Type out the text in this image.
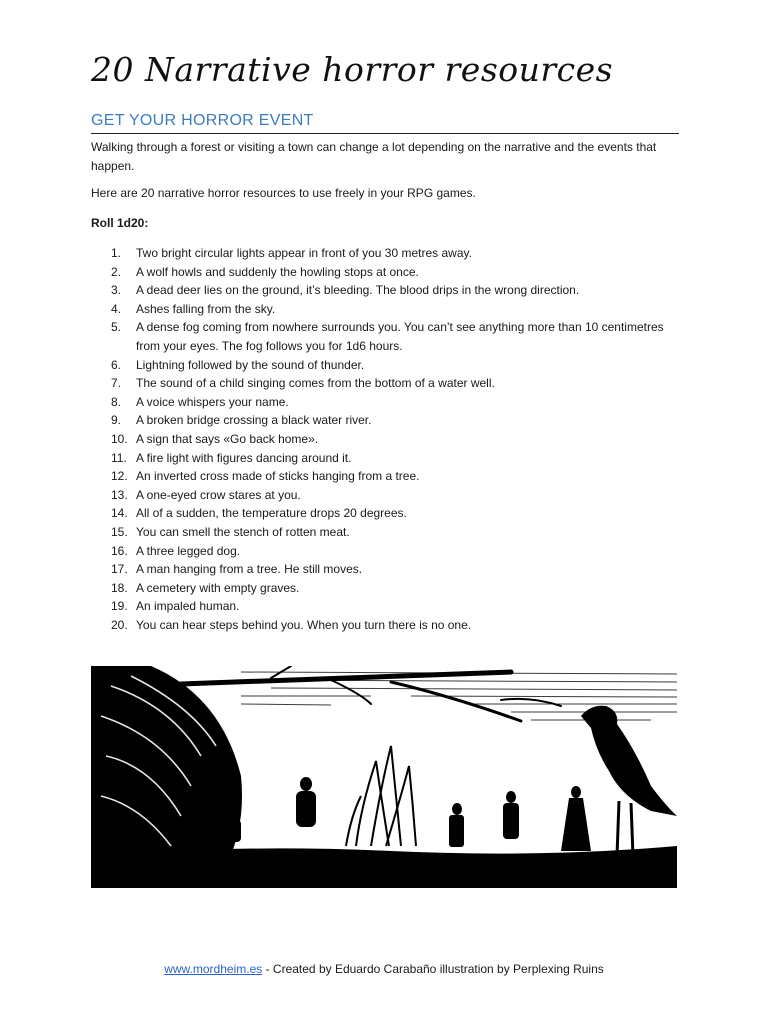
20 Narrative horror resources
GET YOUR HORROR EVENT
Walking through a forest or visiting a town can change a lot depending on the narrative and the events that happen.
Here are 20 narrative horror resources to use freely in your RPG games.
Roll 1d20:
1. Two bright circular lights appear in front of you 30 metres away.
2. A wolf howls and suddenly the howling stops at once.
3. A dead deer lies on the ground, it’s bleeding. The blood drips in the wrong direction.
4. Ashes falling from the sky.
5. A dense fog coming from nowhere surrounds you. You can’t see anything more than 10 centimetres from your eyes. The fog follows you for 1d6 hours.
6. Lightning followed by the sound of thunder.
7. The sound of a child singing comes from the bottom of a water well.
8. A voice whispers your name.
9. A broken bridge crossing a black water river.
10. A sign that says «Go back home».
11. A fire light with figures dancing around it.
12. An inverted cross made of sticks hanging from a tree.
13. A one-eyed crow stares at you.
14. All of a sudden, the temperature drops 20 degrees.
15. You can smell the stench of rotten meat.
16. A three legged dog.
17. A man hanging from a tree. He still moves.
18. A cemetery with empty graves.
19. An impaled human.
20. You can hear steps behind you. When you turn there is no one.
www.mordheim.es - Created by Eduardo Carabaño illustration by Perplexing Ruins
